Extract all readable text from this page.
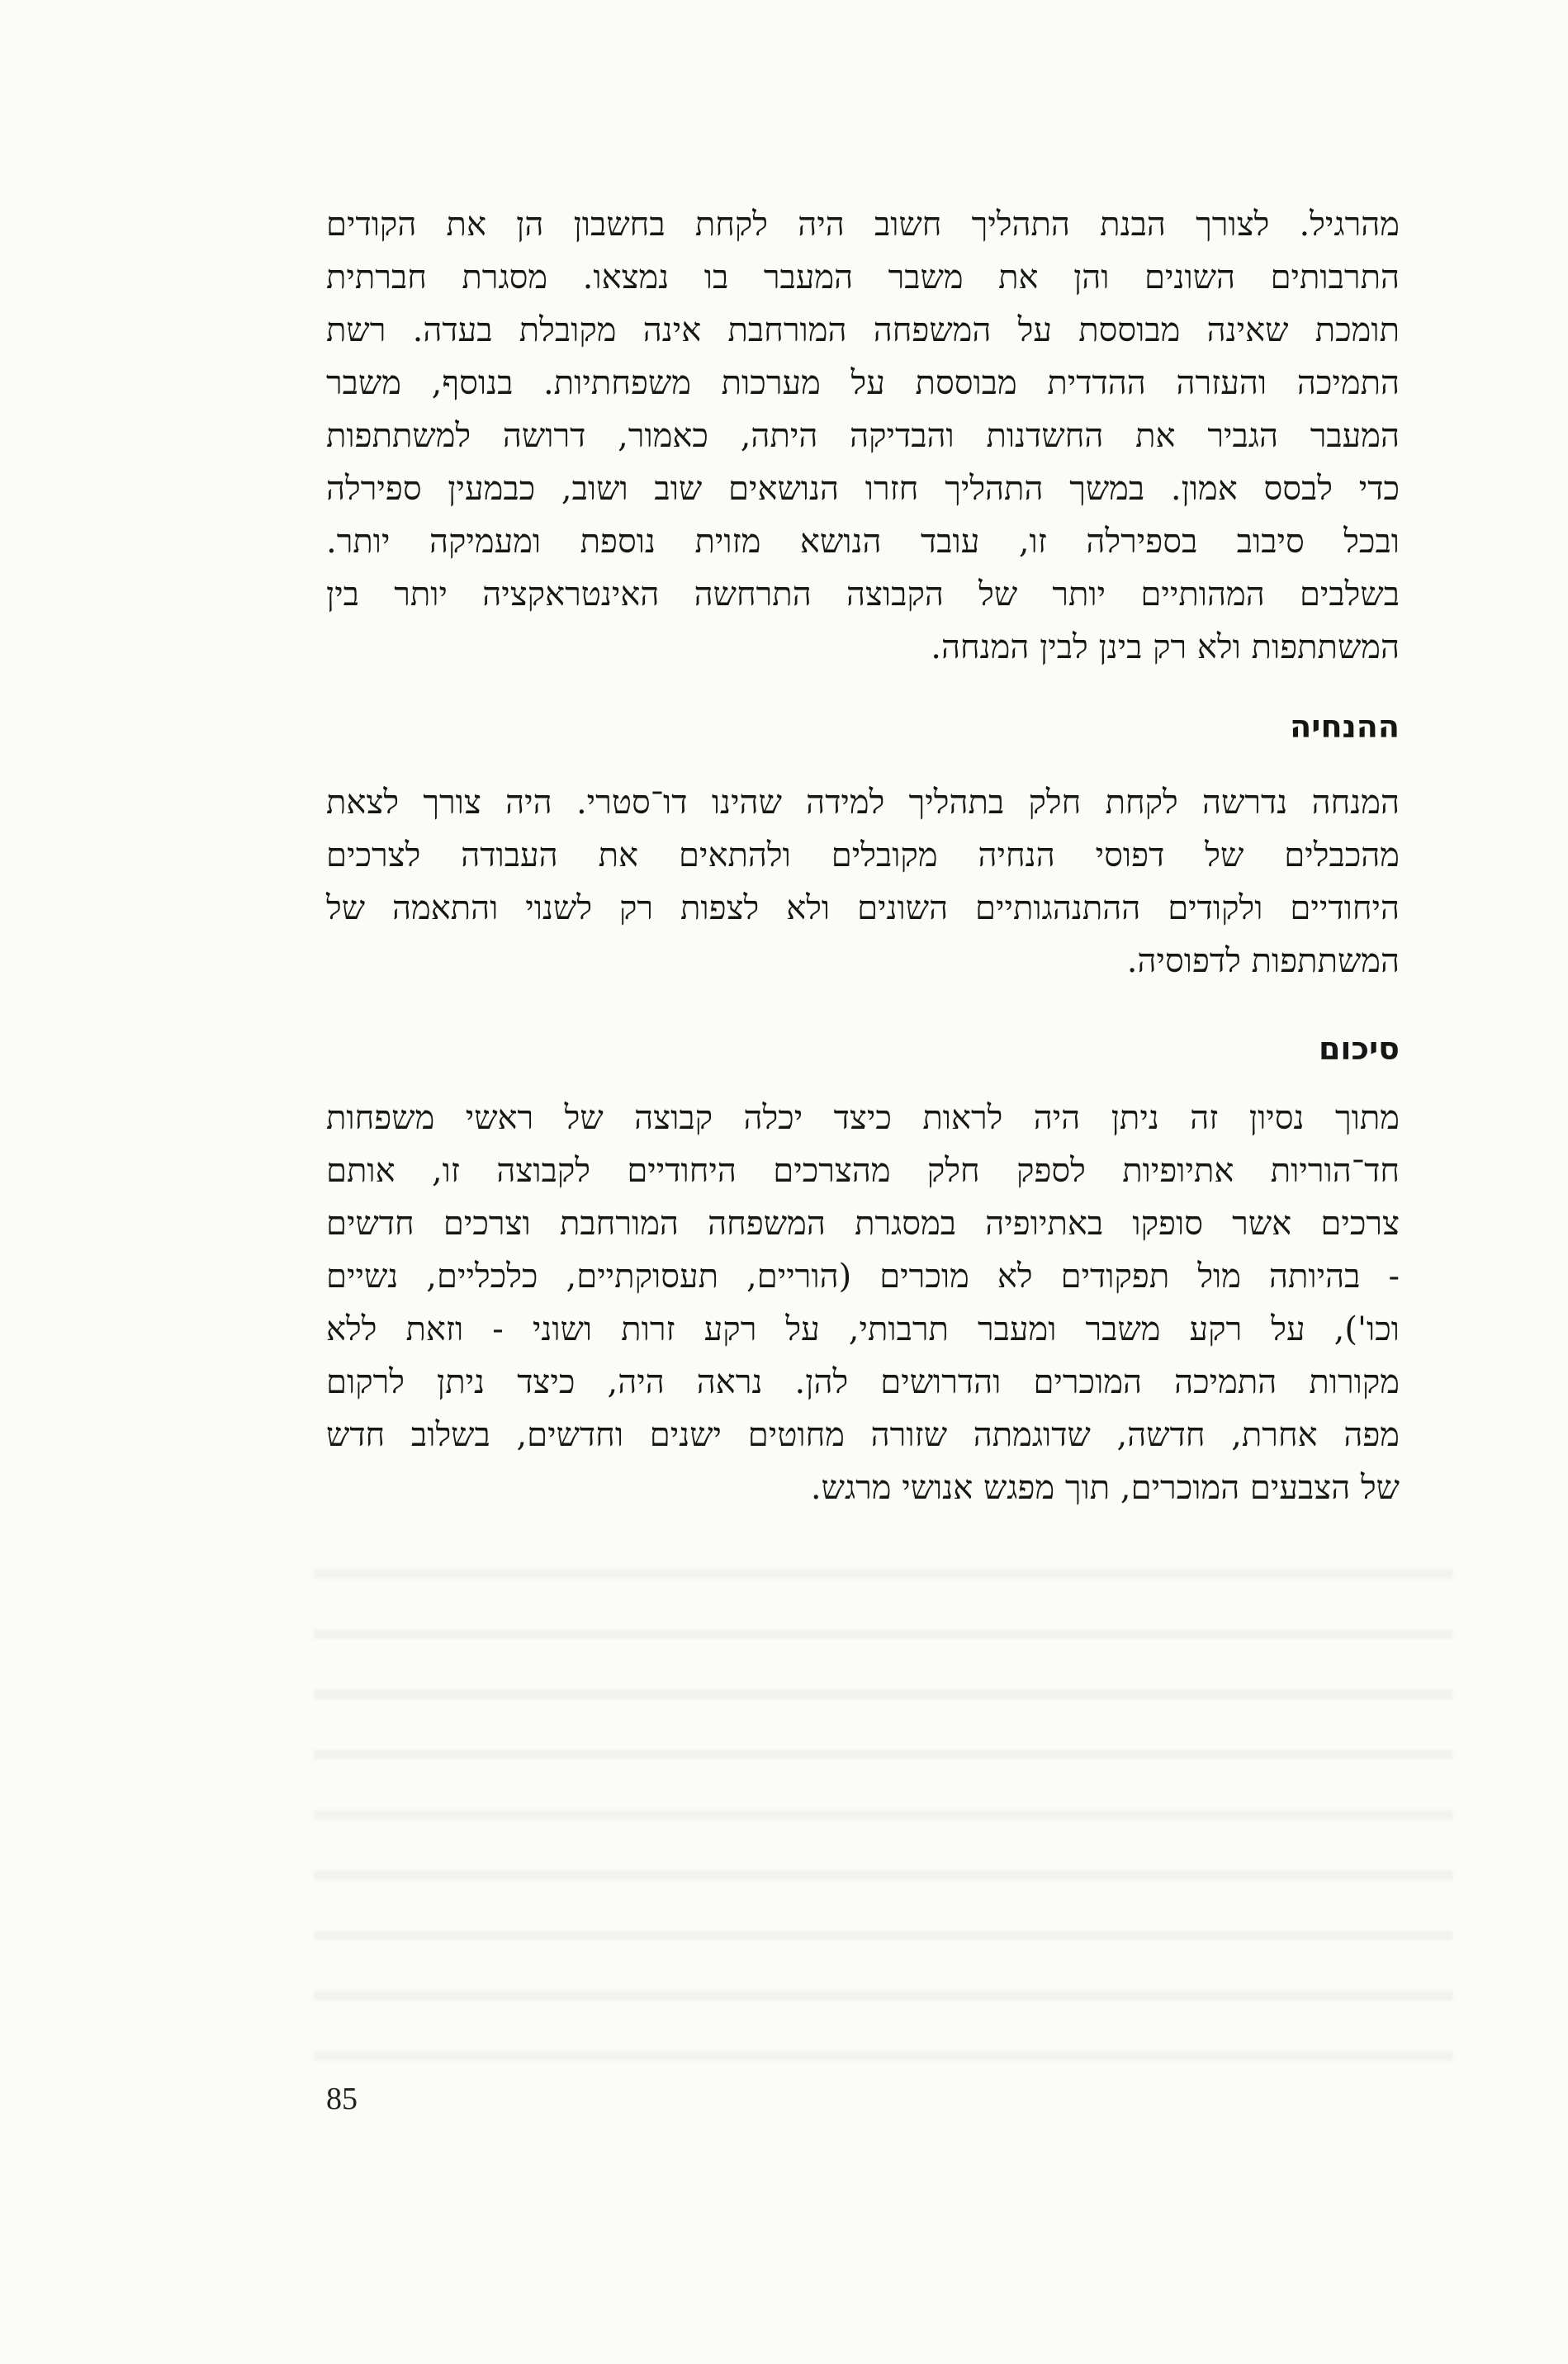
מהרגיל. לצורך הבנת התהליך חשוב היה לקחת בחשבון הן את הקודים

התרבותים השונים והן את משבר המעבר בו נמצאו. מסגרת חברתית

תומכת שאינה מבוססת על המשפחה המורחבת אינה מקובלת בעדה. רשת

התמיכה והעזרה ההדדית מבוססת על מערכות משפחתיות. בנוסף, משבר

המעבר הגביר את החשדנות והבדיקה היתה, כאמור, דרושה למשתתפות

כדי לבסס אמון. במשך התהליך חזרו הנושאים שוב ושוב, כבמעין ספירלה

ובכל סיבוב בספירלה זו, עובד הנושא מזוית נוספת ומעמיקה יותר.

בשלבים המהותיים יותר של הקבוצה התרחשה האינטראקציה יותר בין

המשתתפות ולא רק בינן לבין המנחה.

ההנחיה

המנחה נדרשה לקחת חלק בתהליך למידה שהינו דו־סטרי. היה צורך לצאת

מהכבלים של דפוסי הנחיה מקובלים ולהתאים את העבודה לצרכים

היחודיים ולקודים ההתנהגותיים השונים ולא לצפות רק לשנוי והתאמה של

המשתתפות לדפוסיה.

סיכום

מתוך נסיון זה ניתן היה לראות כיצד יכלה קבוצה של ראשי משפחות

חד־הוריות אתיופיות לספק חלק מהצרכים היחודיים לקבוצה זו, אותם

צרכים אשר סופקו באתיופיה במסגרת המשפחה המורחבת וצרכים חדשים

- בהיותה מול תפקודים לא מוכרים (הוריים, תעסוקתיים, כלכליים, נשיים

וכו'), על רקע משבר ומעבר תרבותי, על רקע זרות ושוני - וזאת ללא

מקורות התמיכה המוכרים והדרושים להן. נראה היה, כיצד ניתן לרקום

מפה אחרת, חדשה, שדוגמתה שזורה מחוטים ישנים וחדשים, בשלוב חדש

של הצבעים המוכרים, תוך מפגש אנושי מרגש.

85
